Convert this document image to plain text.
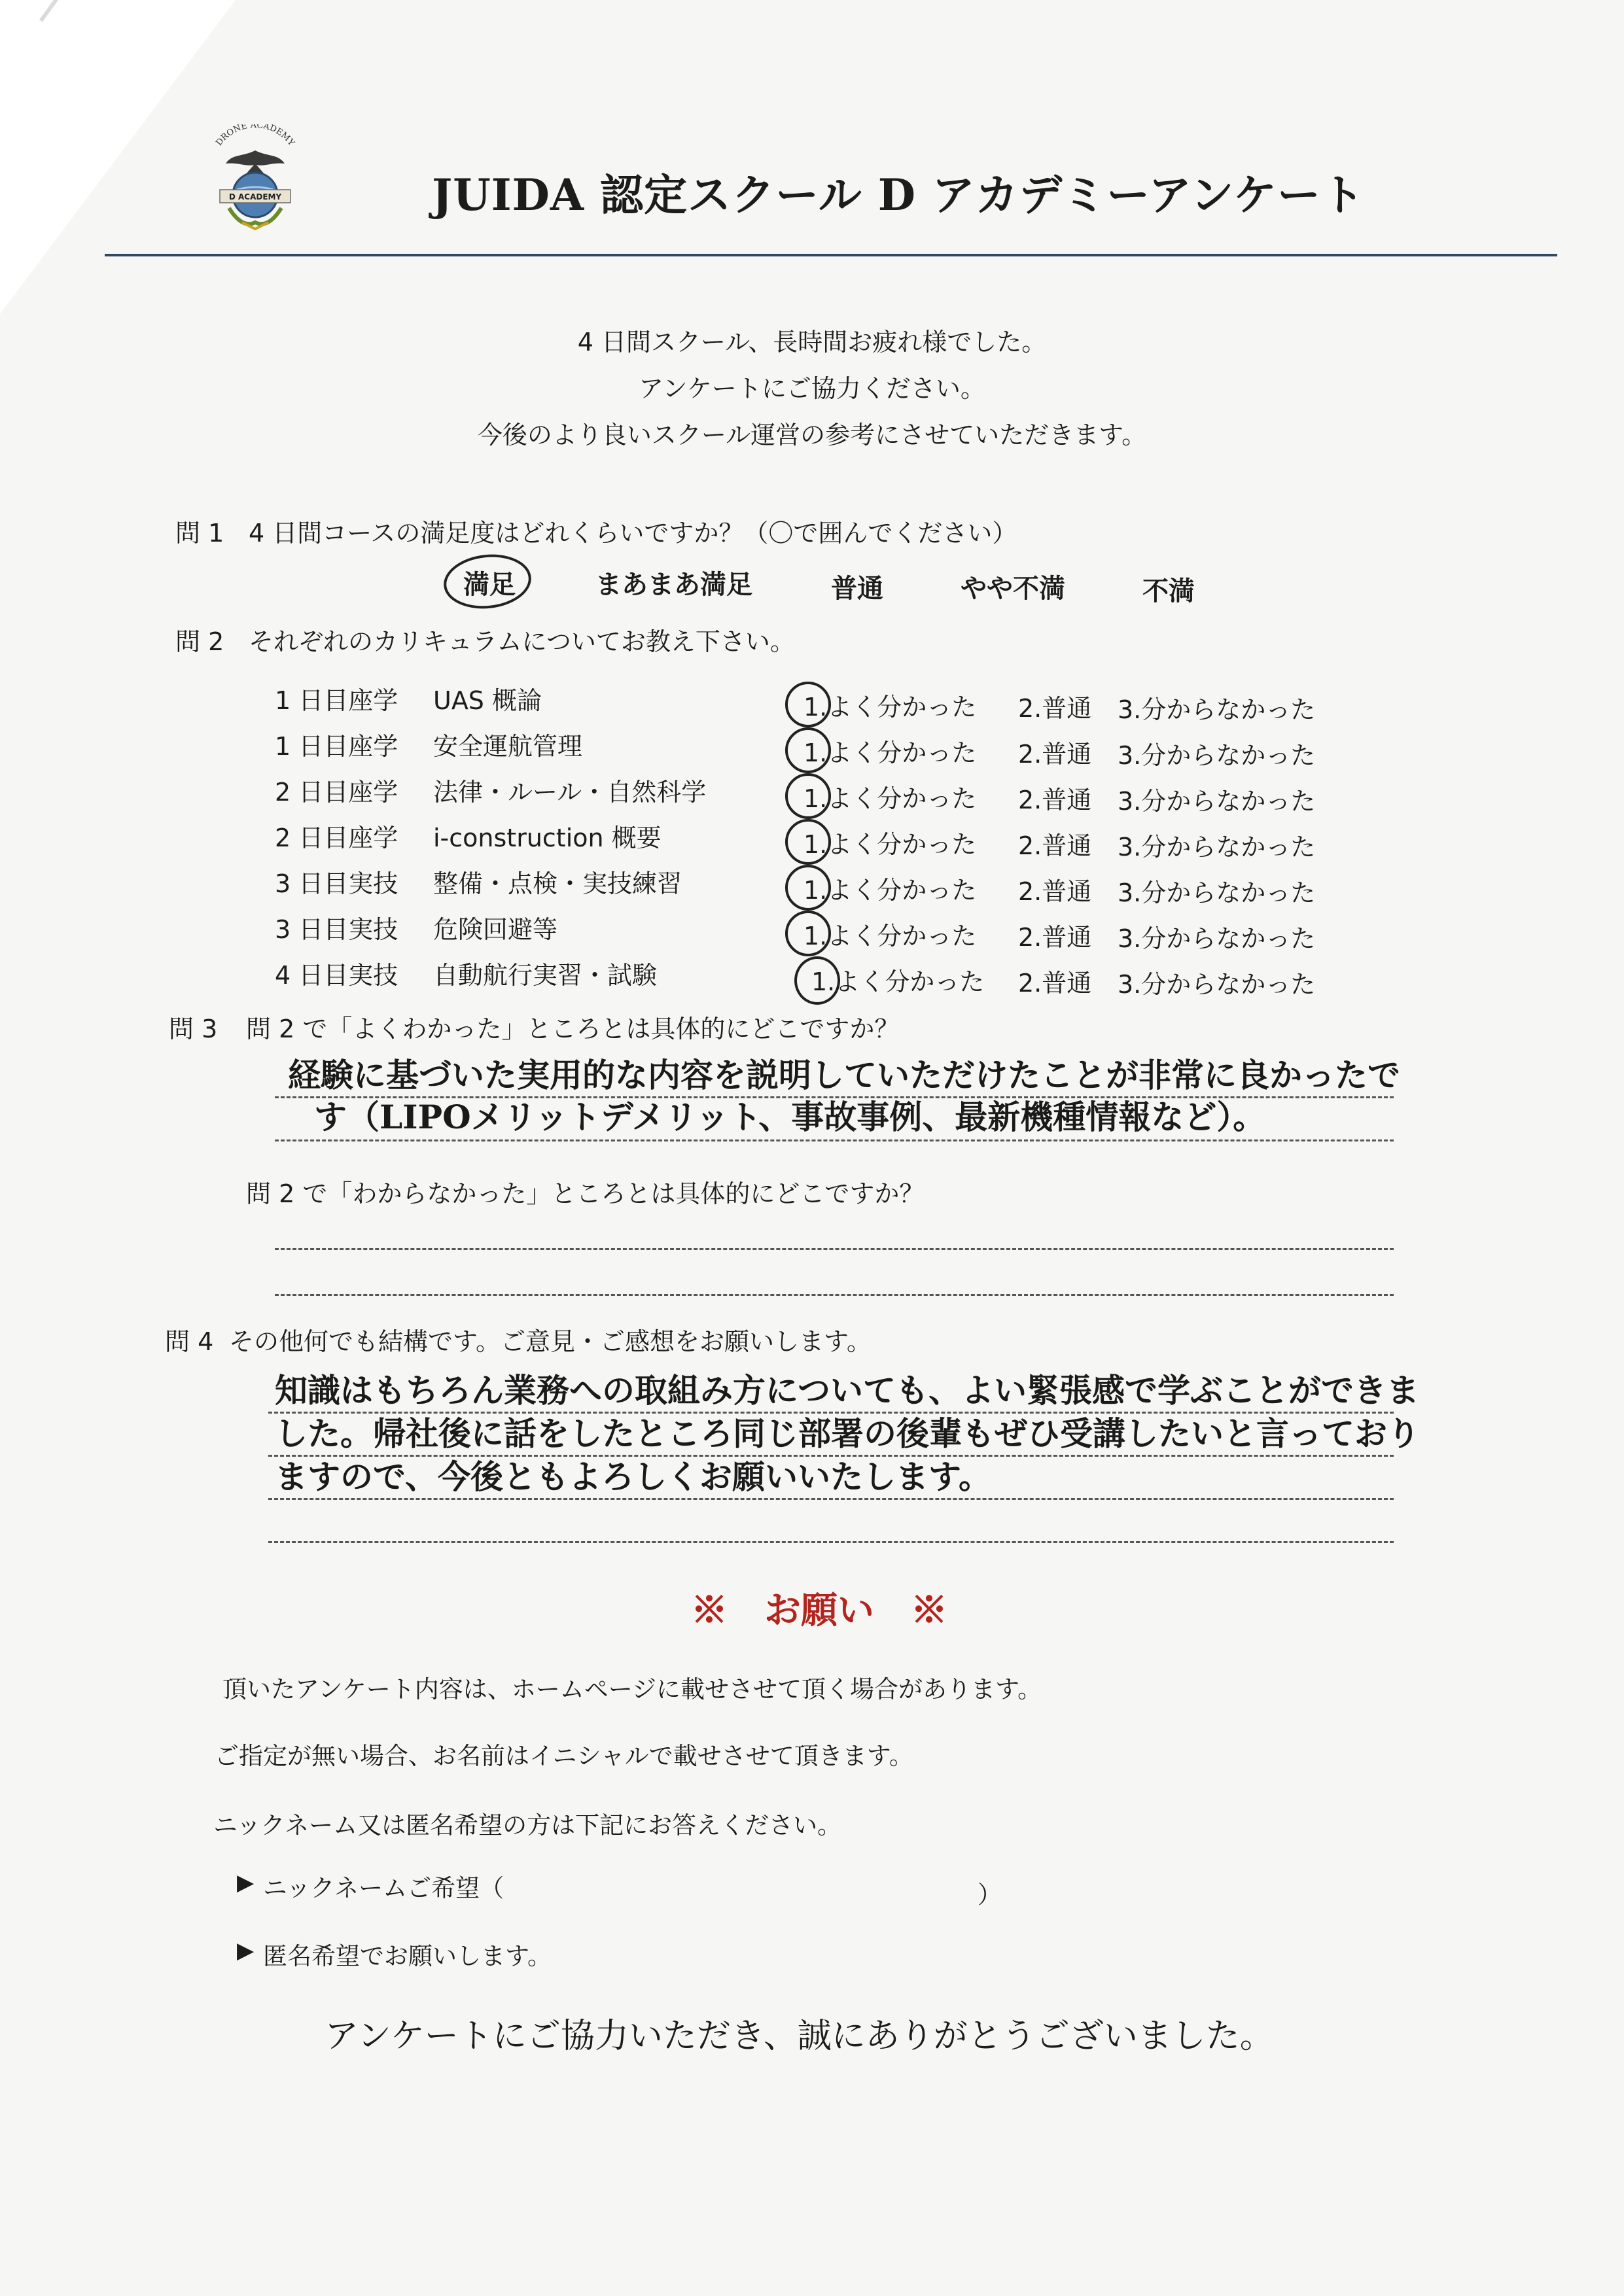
DRONE ACADEMY
D ACADEMY	JUIDA 認定スクール D アカデミーアンケート
4 日間スクール、長時間お疲れ様でした。
アンケートにご協力ください。
今後のより良いスクール運営の参考にさせていただきます。
問 1 4 日間コースの満足度はどれくらいですか？（〇で囲んでください）
満足	まあまあ満足	普通	やや不満	不満
問 2 それぞれのカリキュラムについてお教え下さい。
1 日目座学 UAS 概論	1.よく分かった 2.普通 3.分からなかった
1 日目座学 安全運航管理	1.よく分かった 2.普通 3.分からなかった
2 日目座学 法律・ルール・自然科学	1.よく分かった 2.普通 3.分からなかった
2 日目座学 i-construction 概要	1.よく分かった 2.普通 3.分からなかった
3 日目実技 整備・点検・実技練習	1.よく分かった 2.普通 3.分からなかった
3 日目実技 危険回避等	1.よく分かった 2.普通 3.分からなかった
4 日目実技 自動航行実習・試験	1.よく分かった 2.普通 3.分からなかった
問 3 問 2 で「よくわかった」ところとは具体的にどこですか？
経験に基づいた実用的な内容を説明していただけたことが非常に良かったで
す（LIPOメリットデメリット、事故事例、最新機種情報など）。
問 2 で「わからなかった」ところとは具体的にどこですか？
問 4 その他何でも結構です。ご意見・ご感想をお願いします。
知識はもちろん業務への取組み方についても、よい緊張感で学ぶことができま
した。帰社後に話をしたところ同じ部署の後輩もぜひ受講したいと言っており
ますので、今後ともよろしくお願いいたします。
※　お願い　※
頂いたアンケート内容は、ホームページに載せさせて頂く場合があります。
ご指定が無い場合、お名前はイニシャルで載せさせて頂きます。
ニックネーム又は匿名希望の方は下記にお答えください。
▶ ニックネームご希望（	）
▶ 匿名希望でお願いします。
アンケートにご協力いただき、誠にありがとうございました。
